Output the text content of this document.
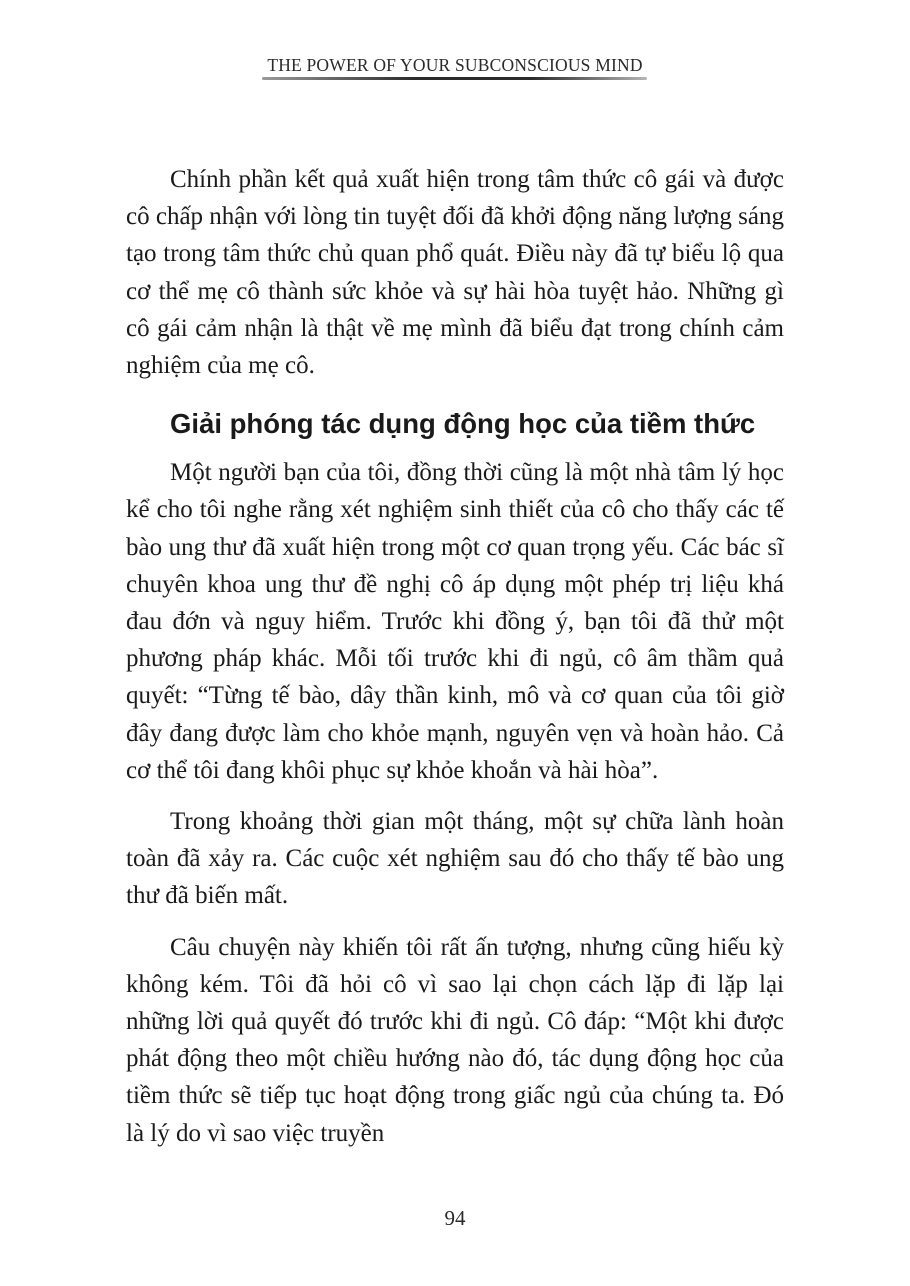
THE POWER OF YOUR SUBCONSCIOUS MIND

Chính phần kết quả xuất hiện trong tâm thức cô gái và được cô chấp nhận với lòng tin tuyệt đối đã khởi động năng lượng sáng tạo trong tâm thức chủ quan phổ quát. Điều này đã tự biểu lộ qua cơ thể mẹ cô thành sức khỏe và sự hài hòa tuyệt hảo. Những gì cô gái cảm nhận là thật về mẹ mình đã biểu đạt trong chính cảm nghiệm của mẹ cô.

Giải phóng tác dụng động học của tiềm thức

Một người bạn của tôi, đồng thời cũng là một nhà tâm lý học kể cho tôi nghe rằng xét nghiệm sinh thiết của cô cho thấy các tế bào ung thư đã xuất hiện trong một cơ quan trọng yếu. Các bác sĩ chuyên khoa ung thư đề nghị cô áp dụng một phép trị liệu khá đau đớn và nguy hiểm. Trước khi đồng ý, bạn tôi đã thử một phương pháp khác. Mỗi tối trước khi đi ngủ, cô âm thầm quả quyết: “Từng tế bào, dây thần kinh, mô và cơ quan của tôi giờ đây đang được làm cho khỏe mạnh, nguyên vẹn và hoàn hảo. Cả cơ thể tôi đang khôi phục sự khỏe khoắn và hài hòa”.

Trong khoảng thời gian một tháng, một sự chữa lành hoàn toàn đã xảy ra. Các cuộc xét nghiệm sau đó cho thấy tế bào ung thư đã biến mất.

Câu chuyện này khiến tôi rất ấn tượng, nhưng cũng hiếu kỳ không kém. Tôi đã hỏi cô vì sao lại chọn cách lặp đi lặp lại những lời quả quyết đó trước khi đi ngủ. Cô đáp: “Một khi được phát động theo một chiều hướng nào đó, tác dụng động học của tiềm thức sẽ tiếp tục hoạt động trong giấc ngủ của chúng ta. Đó là lý do vì sao việc truyền

94
